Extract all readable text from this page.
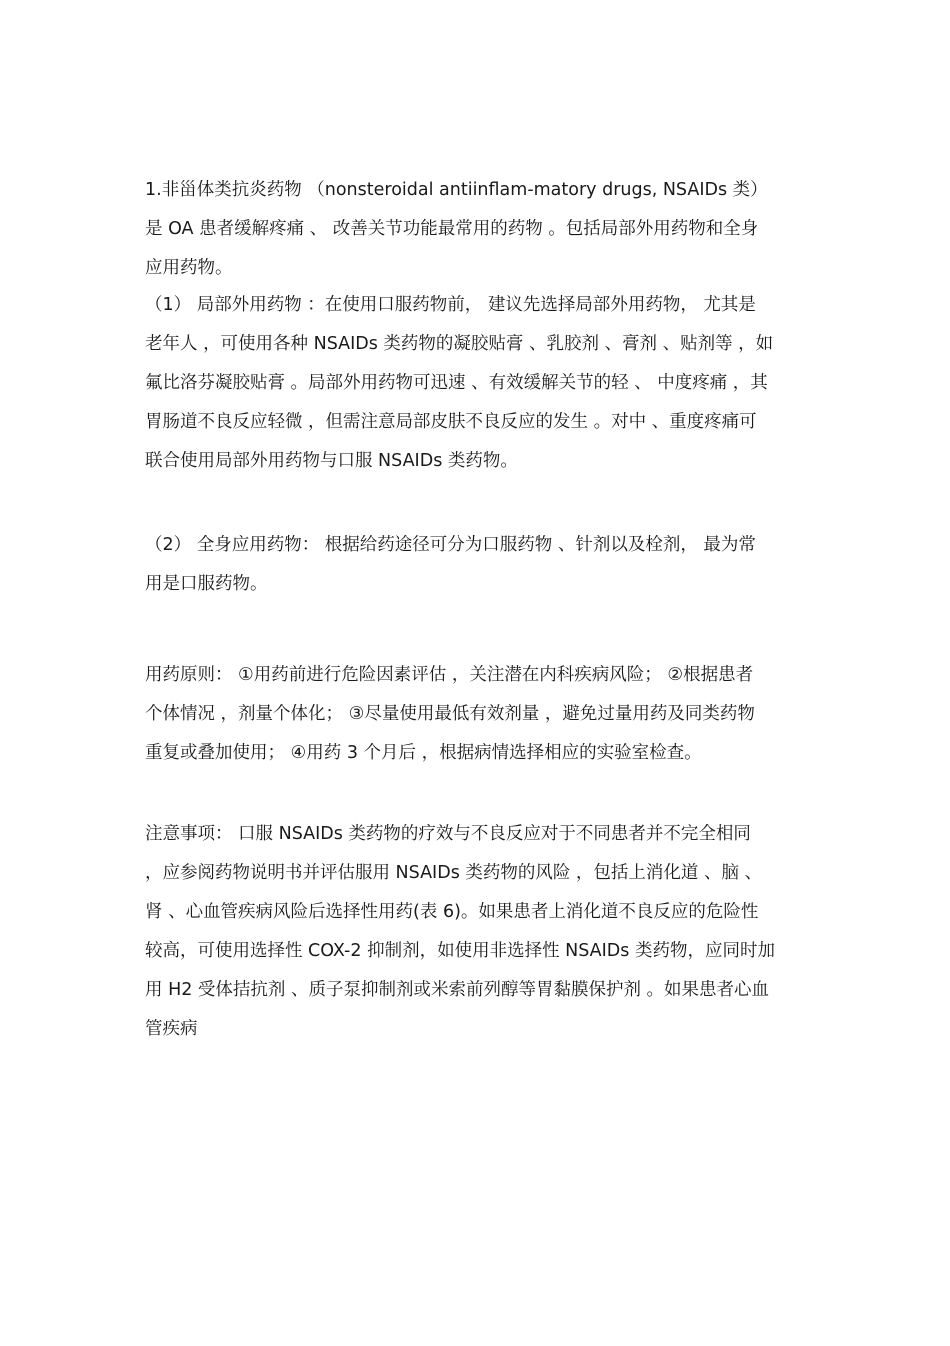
1.非甾体类抗炎药物 （nonsteroidal antiinflam-matory drugs, NSAIDs 类）
是 OA 患者缓解疼痛 、 改善关节功能最常用的药物 。包括局部外用药物和全身
应用药物。
（1） 局部外用药物 ：在使用口服药物前， 建议先选择局部外用药物， 尤其是
老年人 ，可使用各种 NSAIDs 类药物的凝胶贴膏 、乳胶剂 、膏剂 、贴剂等 ，如
氟比洛芬凝胶贴膏 。局部外用药物可迅速 、有效缓解关节的轻 、 中度疼痛 ，其
胃肠道不良反应轻微 ，但需注意局部皮肤不良反应的发生 。对中 、重度疼痛可
联合使用局部外用药物与口服 NSAIDs 类药物。
（2） 全身应用药物： 根据给药途径可分为口服药物 、针剂以及栓剂， 最为常
用是口服药物。
用药原则： ①用药前进行危险因素评估 ，关注潜在内科疾病风险； ②根据患者
个体情况 ，剂量个体化； ③尽量使用最低有效剂量 ，避免过量用药及同类药物
重复或叠加使用； ④用药 3 个月后 ，根据病情选择相应的实验室检查。
注意事项： 口服 NSAIDs 类药物的疗效与不良反应对于不同患者并不完全相同
，应参阅药物说明书并评估服用 NSAIDs 类药物的风险 ，包括上消化道 、脑 、
肾 、心血管疾病风险后选择性用药(表 6)。如果患者上消化道不良反应的危险性
较高，可使用选择性 COX-2 抑制剂，如使用非选择性 NSAIDs 类药物，应同时加
用 H2 受体拮抗剂 、质子泵抑制剂或米索前列醇等胃黏膜保护剂 。如果患者心血
管疾病
